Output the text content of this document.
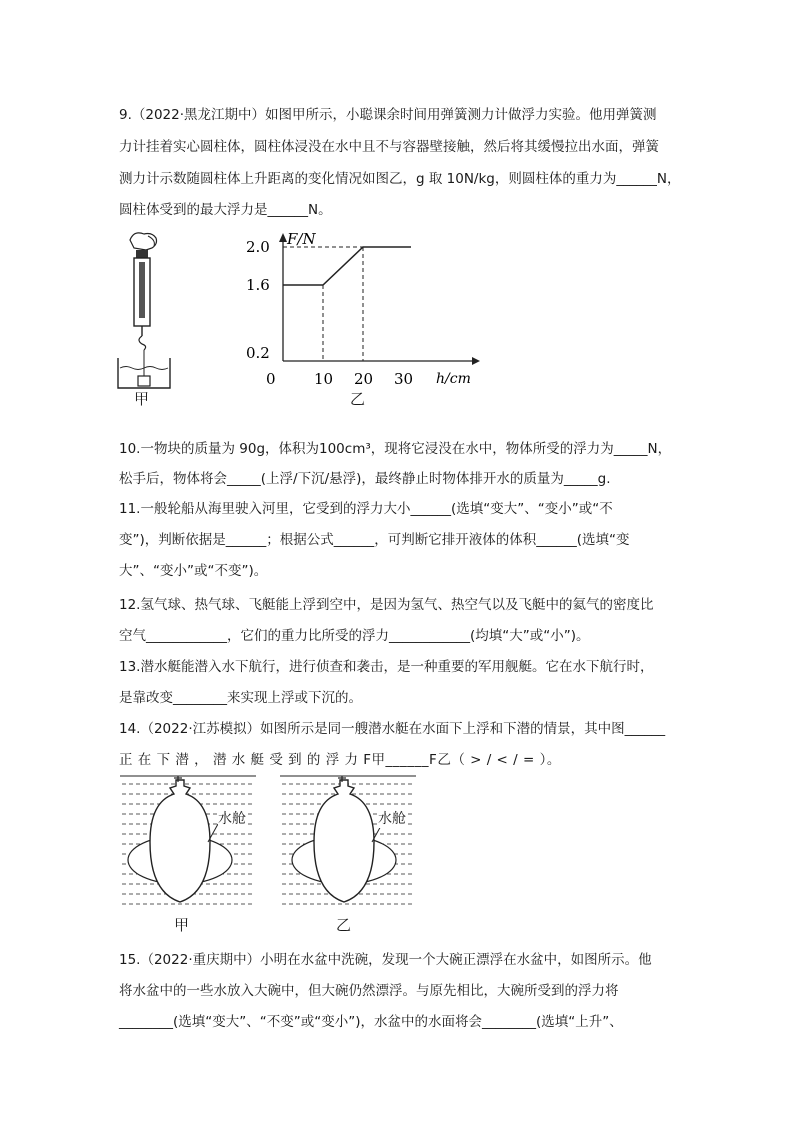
9.（2022·黑龙江期中）如图甲所示，小聪课余时间用弹簧测力计做浮力实验。他用弹簧测
力计挂着实心圆柱体，圆柱体浸没在水中且不与容器壁接触，然后将其缓慢拉出水面，弹簧
测力计示数随圆柱体上升距离的变化情况如图乙，g 取 10N/kg，则圆柱体的重力为______N，
圆柱体受到的最大浮力是______N。
甲
F/N
h/cm
0
0.2
1.6
2.0
10 20 30
乙
10.一物块的质量为 90g，体积为100cm³，现将它浸没在水中，物体所受的浮力为_____N，
松手后，物体将会_____(上浮/下沉/悬浮)，最终静止时物体排开水的质量为_____g.
11.一般轮船从海里驶入河里，它受到的浮力大小______(选填“变大”、“变小”或“不
变”)，判断依据是______；根据公式______，可判断它排开液体的体积______(选填“变
大”、“变小”或“不变”)。
12.氢气球、热气球、飞艇能上浮到空中，是因为氢气、热空气以及飞艇中的氦气的密度比
空气____________，它们的重力比所受的浮力____________(均填“大”或“小”)。
13.潜水艇能潜入水下航行，进行侦查和袭击，是一种重要的军用舰艇。它在水下航行时，
是靠改变________来实现上浮或下沉的。
14.（2022·江苏模拟）如图所示是同一艘潜水艇在水面下上浮和下潜的情景，其中图______
正 在 下 潜 ， 潜 水 艇 受 到 的 浮 力 F甲______F乙（ > / < / = ）。
水舱
甲
水舱
乙
15.（2022·重庆期中）小明在水盆中洗碗，发现一个大碗正漂浮在水盆中，如图所示。他
将水盆中的一些水放入大碗中，但大碗仍然漂浮。与原先相比，大碗所受到的浮力将
________(选填“变大”、“不变”或“变小”)，水盆中的水面将会________(选填“上升”、
